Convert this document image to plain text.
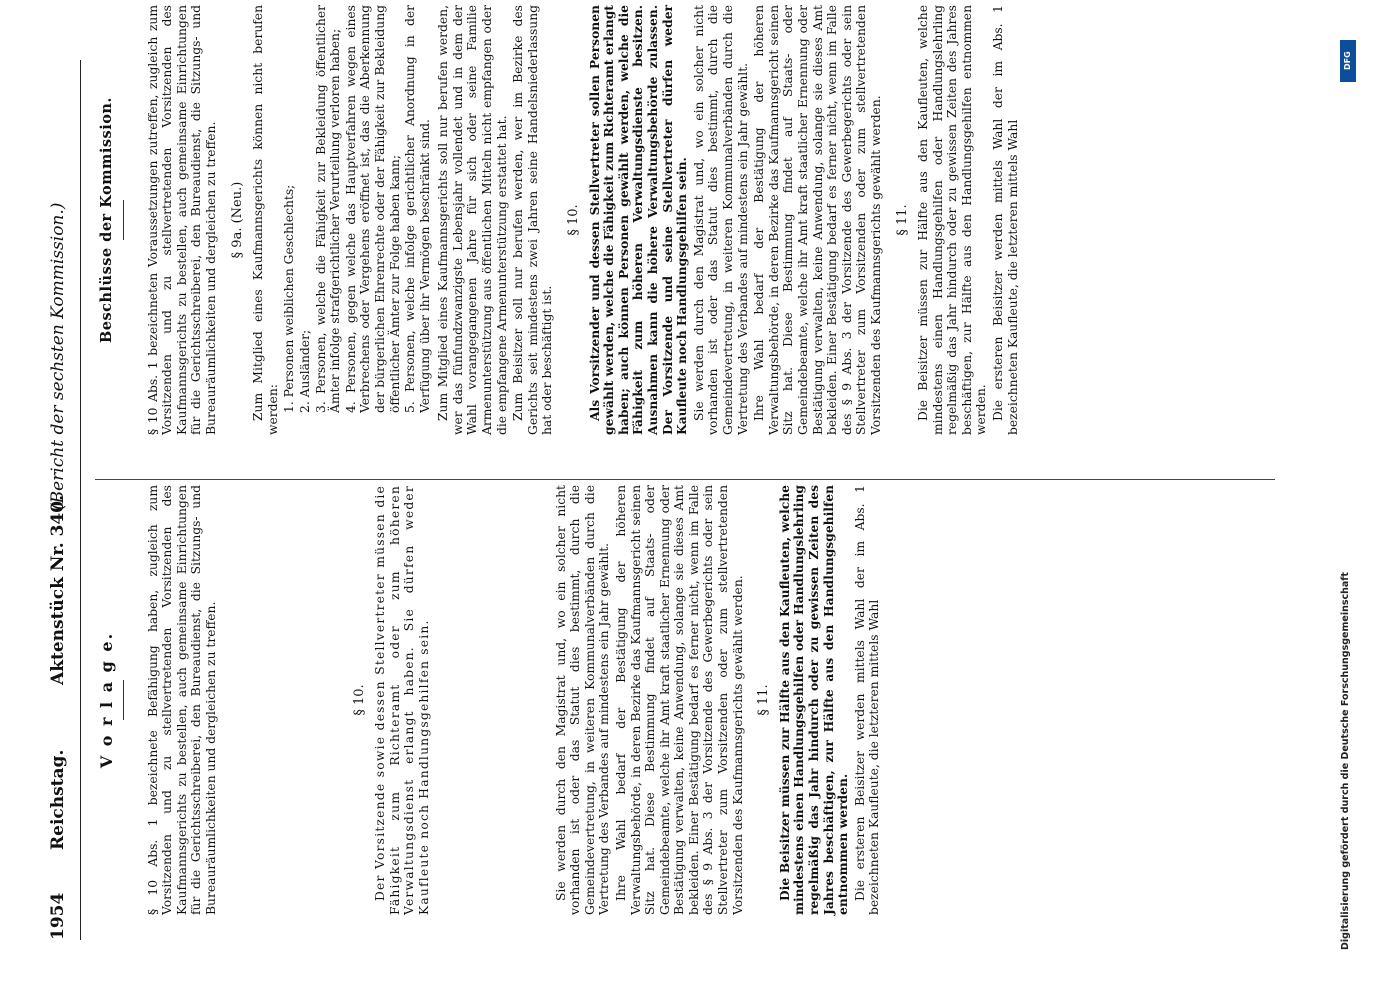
1954
Reichstag.
Aktenstück Nr. 340.
(Bericht der sechsten Kommission.)
V o r l a g e. § 10 Abs. 1 bezeichnete Befähigung haben, zugleich zum Vorsitzenden und zu stellvertretenden Vorsitzenden des Kaufmannsgerichts zu bestellen, auch gemeinsame Einrichtungen für die Gerichtsschreiberei, den Bureaudienst, die Sitzungs- und Bureauräumlichkeiten und dergleichen zu treffen.	§ 10. Der Vorsitzende sowie dessen Stellvertreter müssen die Fähigkeit zum Richteramt oder zum höheren Verwaltungsdienst erlangt haben. Sie dürfen weder Kaufleute noch Handlungsgehilfen sein.	Sie werden durch den Magistrat und, wo ein solcher nicht vorhanden ist oder das Statut dies bestimmt, durch die Gemeindevertretung, in weiteren Kommunalverbänden durch die Vertretung des Verbandes auf mindestens ein Jahr gewählt. Ihre Wahl bedarf der Bestätigung der höheren Verwaltungsbehörde, in deren Bezirke das Kaufmannsgericht seinen Sitz hat. Diese Bestimmung findet auf Staats- oder Gemeindebeamte, welche ihr Amt kraft staatlicher Ernennung oder Bestätigung verwalten, keine Anwendung, solange sie dieses Amt bekleiden. Einer Bestätigung bedarf es ferner nicht, wenn im Falle des § 9 Abs. 3 der Vorsitzende des Gewerbegerichts oder sein Stellvertreter zum Vorsitzenden oder zum stellvertretenden Vorsitzenden des Kaufmannsgerichts gewählt werden. § 11. Die Beisitzer müssen zur Hälfte aus den Kaufleuten, welche mindestens einen Handlungsgehilfen oder Handlungslehrling regelmäßig das Jahr hindurch oder zu gewissen Zeiten des Jahres beschäftigen, zur Hälfte aus den Handlungsgehilfen entnommen werden. Die ersteren Beisitzer werden mittels Wahl der im Abs. 1 bezeichneten Kaufleute, die letzteren mittels Wahl

Beschlüsse der Kommission. § 10 Abs. 1 bezeichneten Voraussetzungen zutreffen, zugleich zum Vorsitzenden und zu stellvertretenden Vorsitzenden des Kaufmannsgerichts zu bestellen, auch gemeinsame Einrichtungen für die Gerichtsschreiberei, den Bureaudienst, die Sitzungs- und Bureauräumlichkeiten und dergleichen zu treffen. § 9a. (Neu.) Zum Mitglied eines Kaufmannsgerichts können nicht berufen werden: 1. Personen weiblichen Geschlechts; 2. Ausländer; 3. Personen, welche die Fähigkeit zur Bekleidung öffentlicher Ämter infolge strafgerichtlicher Verurteilung verloren haben; 4. Personen, gegen welche das Hauptverfahren wegen eines Verbrechens oder Vergehens eröffnet ist, das die Aberkennung der bürgerlichen Ehrenrechte oder der Fähigkeit zur Bekleidung öffentlicher Ämter zur Folge haben kann; 5. Personen, welche infolge gerichtlicher Anordnung in der Verfügung über ihr Vermögen beschränkt sind. Zum Mitglied eines Kaufmannsgerichts soll nur berufen werden, wer das fünfundzwanzigste Lebensjahr vollendet und in dem der Wahl vorangegangenen Jahre für sich oder seine Familie Armenunterstützung aus öffentlichen Mitteln nicht empfangen oder die empfangene Armenunterstützung erstattet hat. Zum Beisitzer soll nur berufen werden, wer im Bezirke des Gerichts seit mindestens zwei Jahren seine Handelsniederlassung hat oder beschäftigt ist.

§ 10. Als Vorsitzender und dessen Stellvertreter sollen Personen gewählt werden, welche die Fähigkeit zum Richteramt erlangt haben; auch können Personen gewählt werden, welche die Fähigkeit zum höheren Verwaltungsdienste besitzen. Ausnahmen kann die höhere Verwaltungsbehörde zulassen. Der Vorsitzende und seine Stellvertreter dürfen weder Kaufleute noch Handlungsgehilfen sein. Sie werden durch den Magistrat und, wo ein solcher nicht vorhanden ist oder das Statut dies bestimmt, durch die Gemeindevertretung, in weiteren Kommunalverbänden durch die Vertretung des Verbandes auf mindestens ein Jahr gewählt. Ihre Wahl bedarf der Bestätigung der höheren Verwaltungsbehörde, in deren Bezirke das Kaufmannsgericht seinen Sitz hat. Diese Bestimmung findet auf Staats- oder Gemeindebeamte, welche ihr Amt kraft staatlicher Ernennung oder Bestätigung verwalten, keine Anwendung, solange sie dieses Amt bekleiden. Einer Bestätigung bedarf es ferner nicht, wenn im Falle des § 9 Abs. 3 der Vorsitzende des Gewerbegerichts oder sein Stellvertreter zum Vorsitzenden oder zum stellvertretenden Vorsitzenden des Kaufmannsgerichts gewählt werden. § 11. Die Beisitzer müssen zur Hälfte aus den Kaufleuten, welche mindestens einen Handlungsgehilfen oder Handlungslehrling regelmäßig das Jahr hindurch oder zu gewissen Zeiten des Jahres beschäftigen, zur Hälfte aus den Handlungsgehilfen entnommen werden. Die ersteren Beisitzer werden mittels Wahl der im Abs. 1 bezeichneten Kaufleute, die letzteren mittels Wahl

DFG
Digitalisierung gefördert durch die Deutsche Forschungsgemeinschaft
